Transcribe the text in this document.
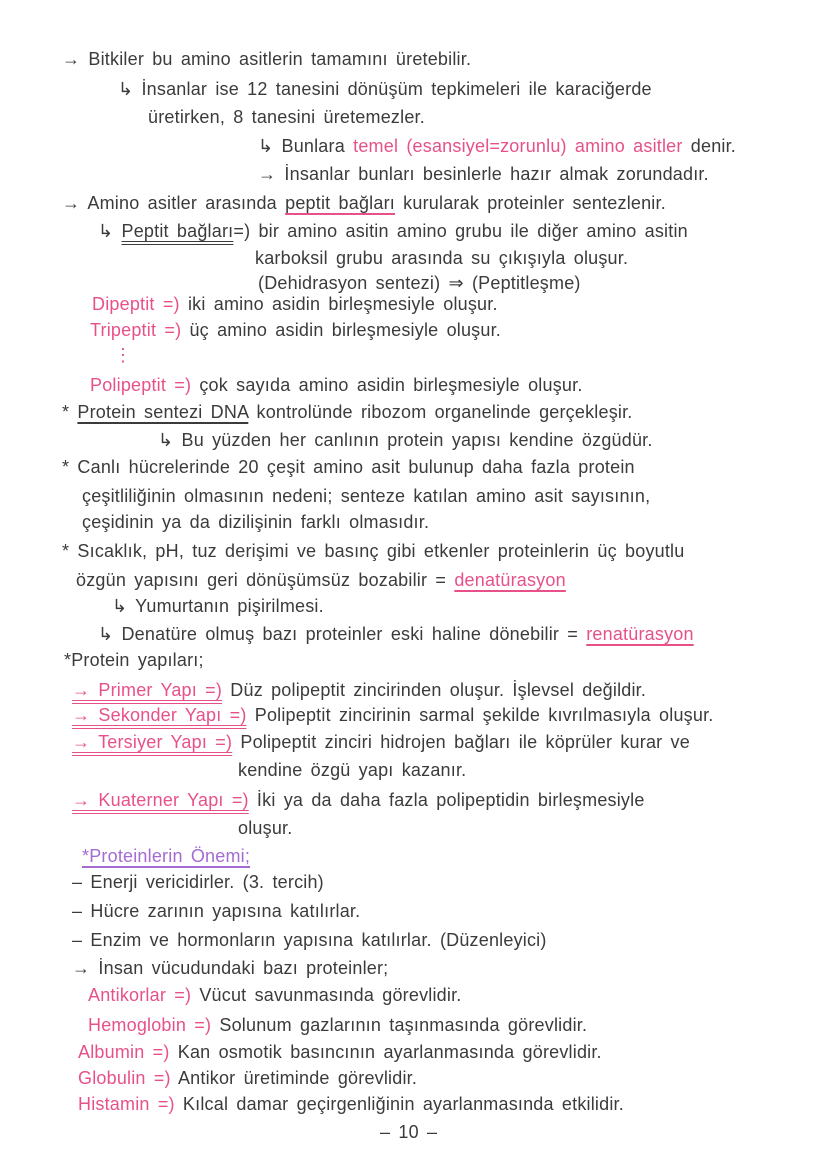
→ Bitkiler bu amino asitlerin tamamını üretebilir.
↳ İnsanlar ise 12 tanesini dönüşüm tepkimeleri ile karaciğerde
üretirken, 8 tanesini üretemezler.
↳ Bunlara temel (esansiyel=zorunlu) amino asitler denir.
→ İnsanlar bunları besinlerle hazır almak zorundadır.
→ Amino asitler arasında peptit bağları kurularak proteinler sentezlenir.
↳ Peptit bağları=) bir amino asitin amino grubu ile diğer amino asitin
karboksil grubu arasında su çıkışıyla oluşur.
(Dehidrasyon sentezi) ⇒ (Peptitleşme)
Dipeptit =) iki amino asidin birleşmesiyle oluşur.
Tripeptit =) üç amino asidin birleşmesiyle oluşur.
⋮
Polipeptit =) çok sayıda amino asidin birleşmesiyle oluşur.
* Protein sentezi DNA kontrolünde ribozom organelinde gerçekleşir.
↳ Bu yüzden her canlının protein yapısı kendine özgüdür.
* Canlı hücrelerinde 20 çeşit amino asit bulunup daha fazla protein
çeşitliliğinin olmasının nedeni; senteze katılan amino asit sayısının,
çeşidinin ya da dizilişinin farklı olmasıdır.
* Sıcaklık, pH, tuz derişimi ve basınç gibi etkenler proteinlerin üç boyutlu
özgün yapısını geri dönüşümsüz bozabilir = denatürasyon
↳ Yumurtanın pişirilmesi.
↳ Denatüre olmuş bazı proteinler eski haline dönebilir = renatürasyon
*Protein yapıları;
→ Primer Yapı =) Düz polipeptit zincirinden oluşur. İşlevsel değildir.
→ Sekonder Yapı =) Polipeptit zincirinin sarmal şekilde kıvrılmasıyla oluşur.
→ Tersiyer Yapı =) Polipeptit zinciri hidrojen bağları ile köprüler kurar ve
kendine özgü yapı kazanır.
→ Kuaterner Yapı =) İki ya da daha fazla polipeptidin birleşmesiyle
oluşur.
*Proteinlerin Önemi;
– Enerji vericidirler. (3. tercih)
– Hücre zarının yapısına katılırlar.
– Enzim ve hormonların yapısına katılırlar. (Düzenleyici)
→ İnsan vücudundaki bazı proteinler;
Antikorlar =) Vücut savunmasında görevlidir.
Hemoglobin =) Solunum gazlarının taşınmasında görevlidir.
Albumin =) Kan osmotik basıncının ayarlanmasında görevlidir.
Globulin =) Antikor üretiminde görevlidir.
Histamin =) Kılcal damar geçirgenliğinin ayarlanmasında etkilidir.
– 10 –
